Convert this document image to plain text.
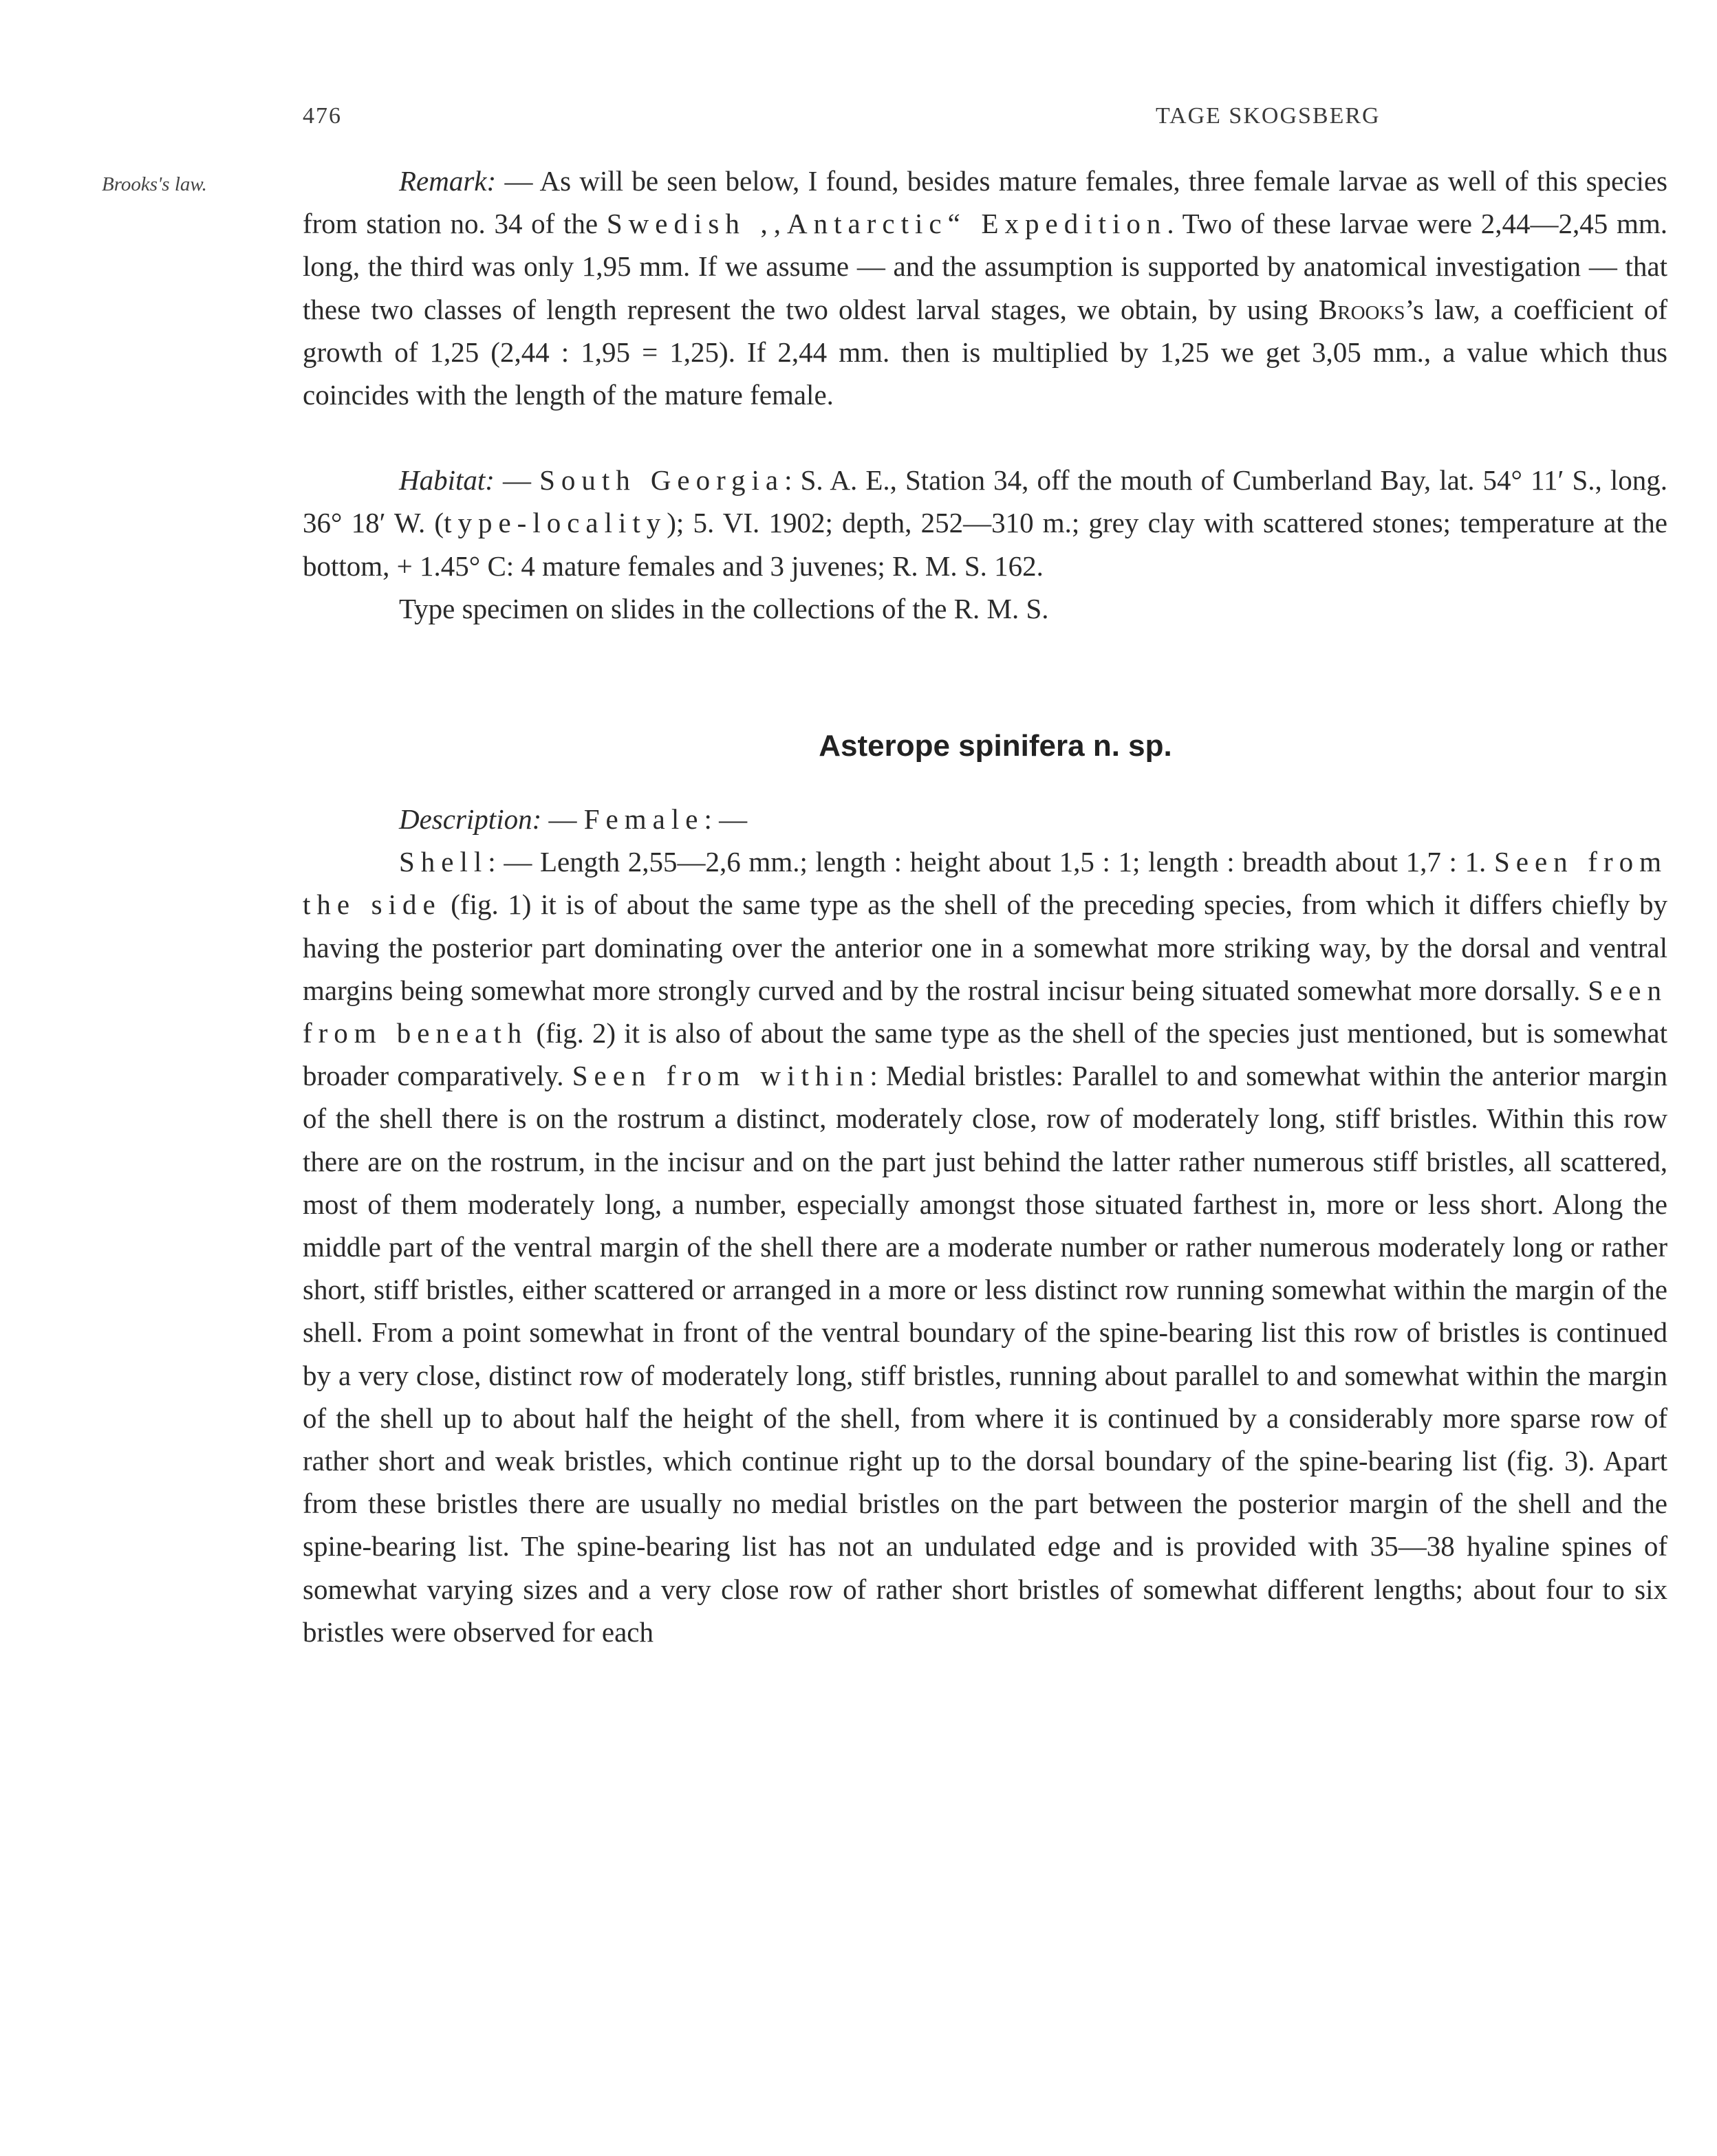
476	TAGE SKOGSBERG
Brooks's law.	Remark: — As will be seen below, I found, besides mature females, three female larvae as well of this species from station no. 34 of the Swedish ,,Antarctic“ Expedition. Two of these larvae were 2,44—2,45 mm. long, the third was only 1,95 mm. If we assume — and the assumption is supported by anatomical investigation — that these two classes of length represent the two oldest larval stages, we obtain, by using Brooks’s law, a coefficient of growth of 1,25 (2,44 : 1,95 = 1,25). If 2,44 mm. then is multiplied by 1,25 we get 3,05 mm., a value which thus coincides with the length of the mature female.

Habitat: — South Georgia: S. A. E., Station 34, off the mouth of Cumberland Bay, lat. 54° 11′ S., long. 36° 18′ W. (type-locality); 5. VI. 1902; depth, 252—310 m.; grey clay with scattered stones; temperature at the bottom, + 1.45° C: 4 mature females and 3 juvenes; R. M. S. 162.

Type specimen on slides in the collections of the R. M. S.

Asterope spinifera n. sp.

Description: — Female: —

Shell: — Length 2,55—2,6 mm.; length : height about 1,5 : 1; length : breadth about 1,7 : 1. Seen from the side (fig. 1) it is of about the same type as the shell of the preceding species, from which it differs chiefly by having the posterior part dominating over the anterior one in a somewhat more striking way, by the dorsal and ventral margins being somewhat more strongly curved and by the rostral incisur being situated somewhat more dorsally. Seen from beneath (fig. 2) it is also of about the same type as the shell of the species just mentioned, but is somewhat broader comparatively. Seen from within: Medial bristles: Parallel to and somewhat within the anterior margin of the shell there is on the rostrum a distinct, moderately close, row of moderately long, stiff bristles. Within this row there are on the rostrum, in the incisur and on the part just behind the latter rather numerous stiff bristles, all scattered, most of them moderately long, a number, especially amongst those situated farthest in, more or less short. Along the middle part of the ventral margin of the shell there are a moderate number or rather numerous moderately long or rather short, stiff bristles, either scattered or arranged in a more or less distinct row running somewhat within the margin of the shell. From a point somewhat in front of the ventral boundary of the spine-bearing list this row of bristles is continued by a very close, distinct row of moderately long, stiff bristles, running about parallel to and somewhat within the margin of the shell up to about half the height of the shell, from where it is continued by a considerably more sparse row of rather short and weak bristles, which continue right up to the dorsal boundary of the spine-bearing list (fig. 3). Apart from these bristles there are usually no medial bristles on the part between the posterior margin of the shell and the spine-bearing list. The spine-bearing list has not an undulated edge and is provided with 35—38 hyaline spines of somewhat varying sizes and a very close row of rather short bristles of somewhat different lengths; about four to six bristles were observed for each
